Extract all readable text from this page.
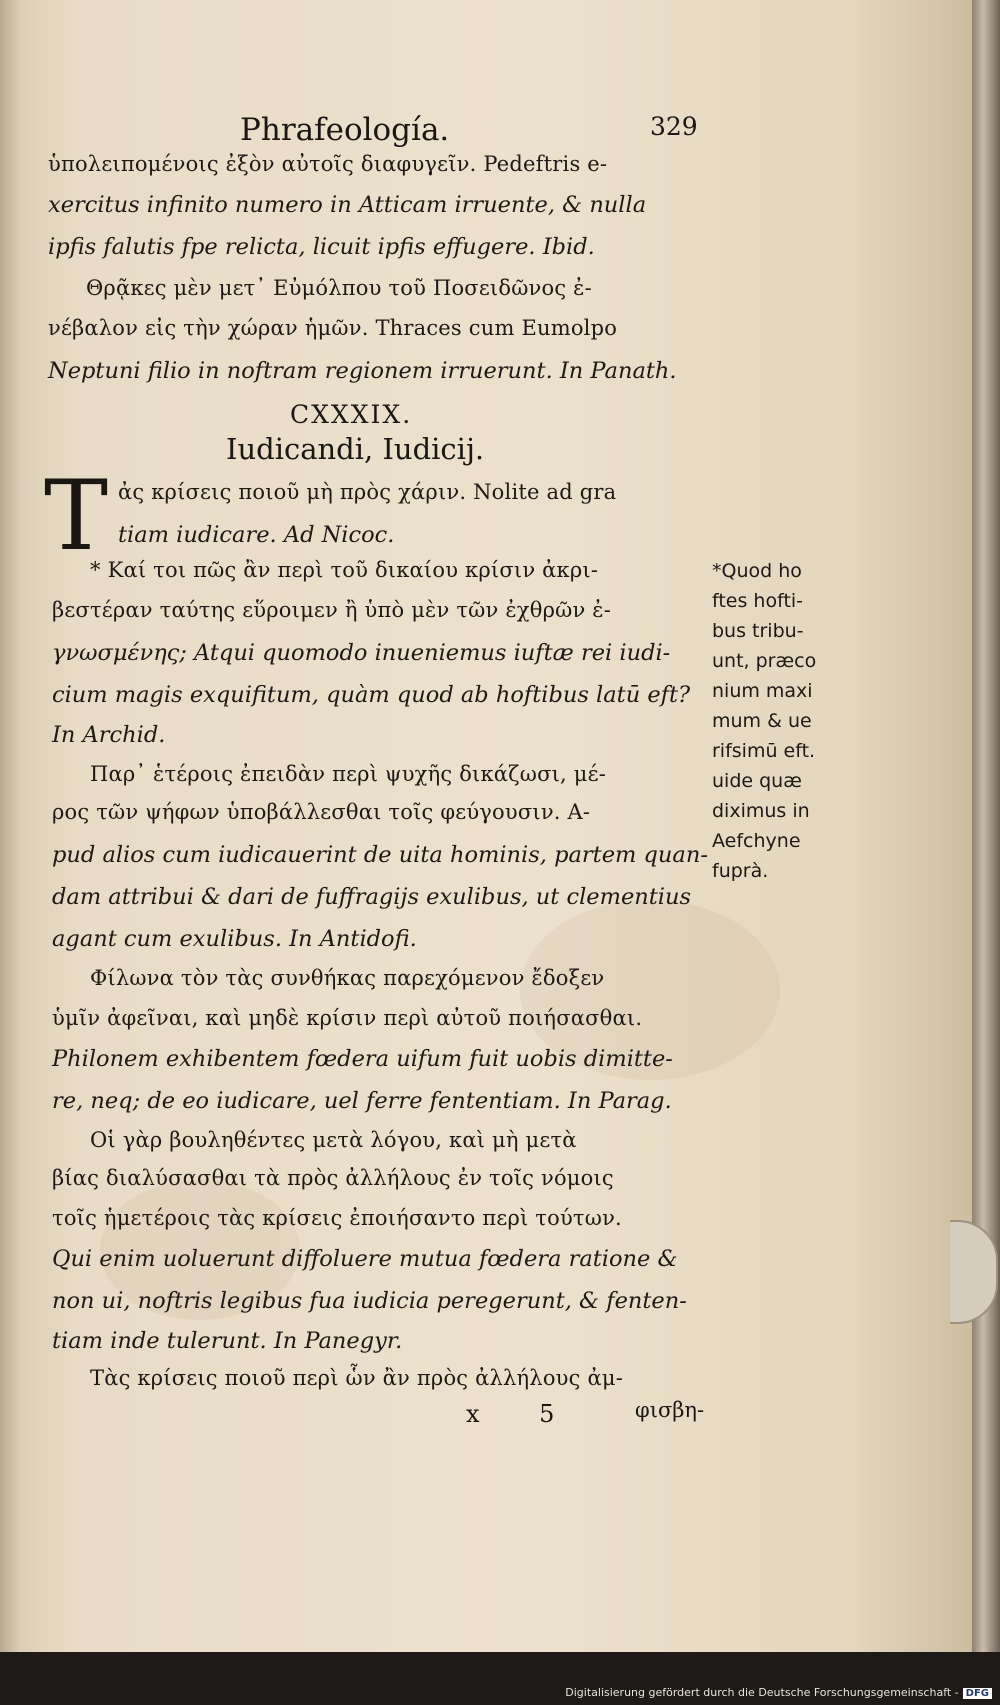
Phrafeología.	329
ὑπολειπομένοις ἐξὸν αὐτοῖς διαφυγεῖν. Pedeftris e-
xercitus infinito numero in Atticam irruente, & nulla
ipfis falutis fpe relicta, licuit ipfis effugere. Ibid.
Θρᾷκες μὲν μετ᾽ Εὐμόλπου τοῦ Ποσειδῶνος ἐ-
νέβαλον εἰς τὴν χώραν ἡμῶν. Thraces cum Eumolpo
Neptuni filio in noftram regionem irruerunt. In Panath.
CXXXIX.
Iudicandi, Iudicij.
T ἀς κρίσεις ποιοῦ μὴ πρὸς χάριν. Nolite ad gra
tiam iudicare. Ad Nicoc.
* Καί τοι πῶς ἂν περὶ τοῦ δικαίου κρίσιν ἀκρι-
βεστέραν ταύτης εὕροιμεν ἢ ὑπὸ μὲν τῶν ἐχθρῶν ἐ-
γνωσμένης; Atqui quomodo inueniemus iuftæ rei iudi-
cium magis exquifitum, quàm quod ab hoftibus latū eft?
In Archid.
Παρ᾽ ἑτέροις ἐπειδὰν περὶ ψυχῆς δικάζωσι, μέ-
ρος τῶν ψήφων ὑποβάλλεσθαι τοῖς φεύγουσιν. A-
pud alios cum iudicauerint de uita hominis, partem quan-
dam attribui & dari de fuffragijs exulibus, ut clementius
agant cum exulibus. In Antidofi.
Φίλωνα τὸν τὰς συνθήκας παρεχόμενον ἔδοξεν
ὑμῖν ἀφεῖναι, καὶ μηδὲ κρίσιν περὶ αὐτοῦ ποιήσασθαι.
Philonem exhibentem fœdera uifum fuit uobis dimitte-
re, neq; de eo iudicare, uel ferre fententiam. In Parag.
Οἱ γὰρ βουληθέντες μετὰ λόγου, καὶ μὴ μετὰ
βίας διαλύσασθαι τὰ πρὸς ἀλλήλους ἐν τοῖς νόμοις
τοῖς ἡμετέροις τὰς κρίσεις ἐποιήσαντο περὶ τούτων.
Qui enim uoluerunt diffoluere mutua fœdera ratione &
non ui, noftris legibus fua iudicia peregerunt, & fenten-
tiam inde tulerunt. In Panegyr.
Τὰς κρίσεις ποιοῦ περὶ ὧν ἂν πρὸς ἀλλήλους ἀμ-
*Quod ho
ftes hofti-
bus tribu-
unt, præco
nium maxi
mum & ue
rifsimū eft.
uide quæ
diximus in
Aefchyne
fuprà.
x 5	φισβη-
Digitalisierung gefördert durch die Deutsche Forschungsgemeinschaft - DFG
